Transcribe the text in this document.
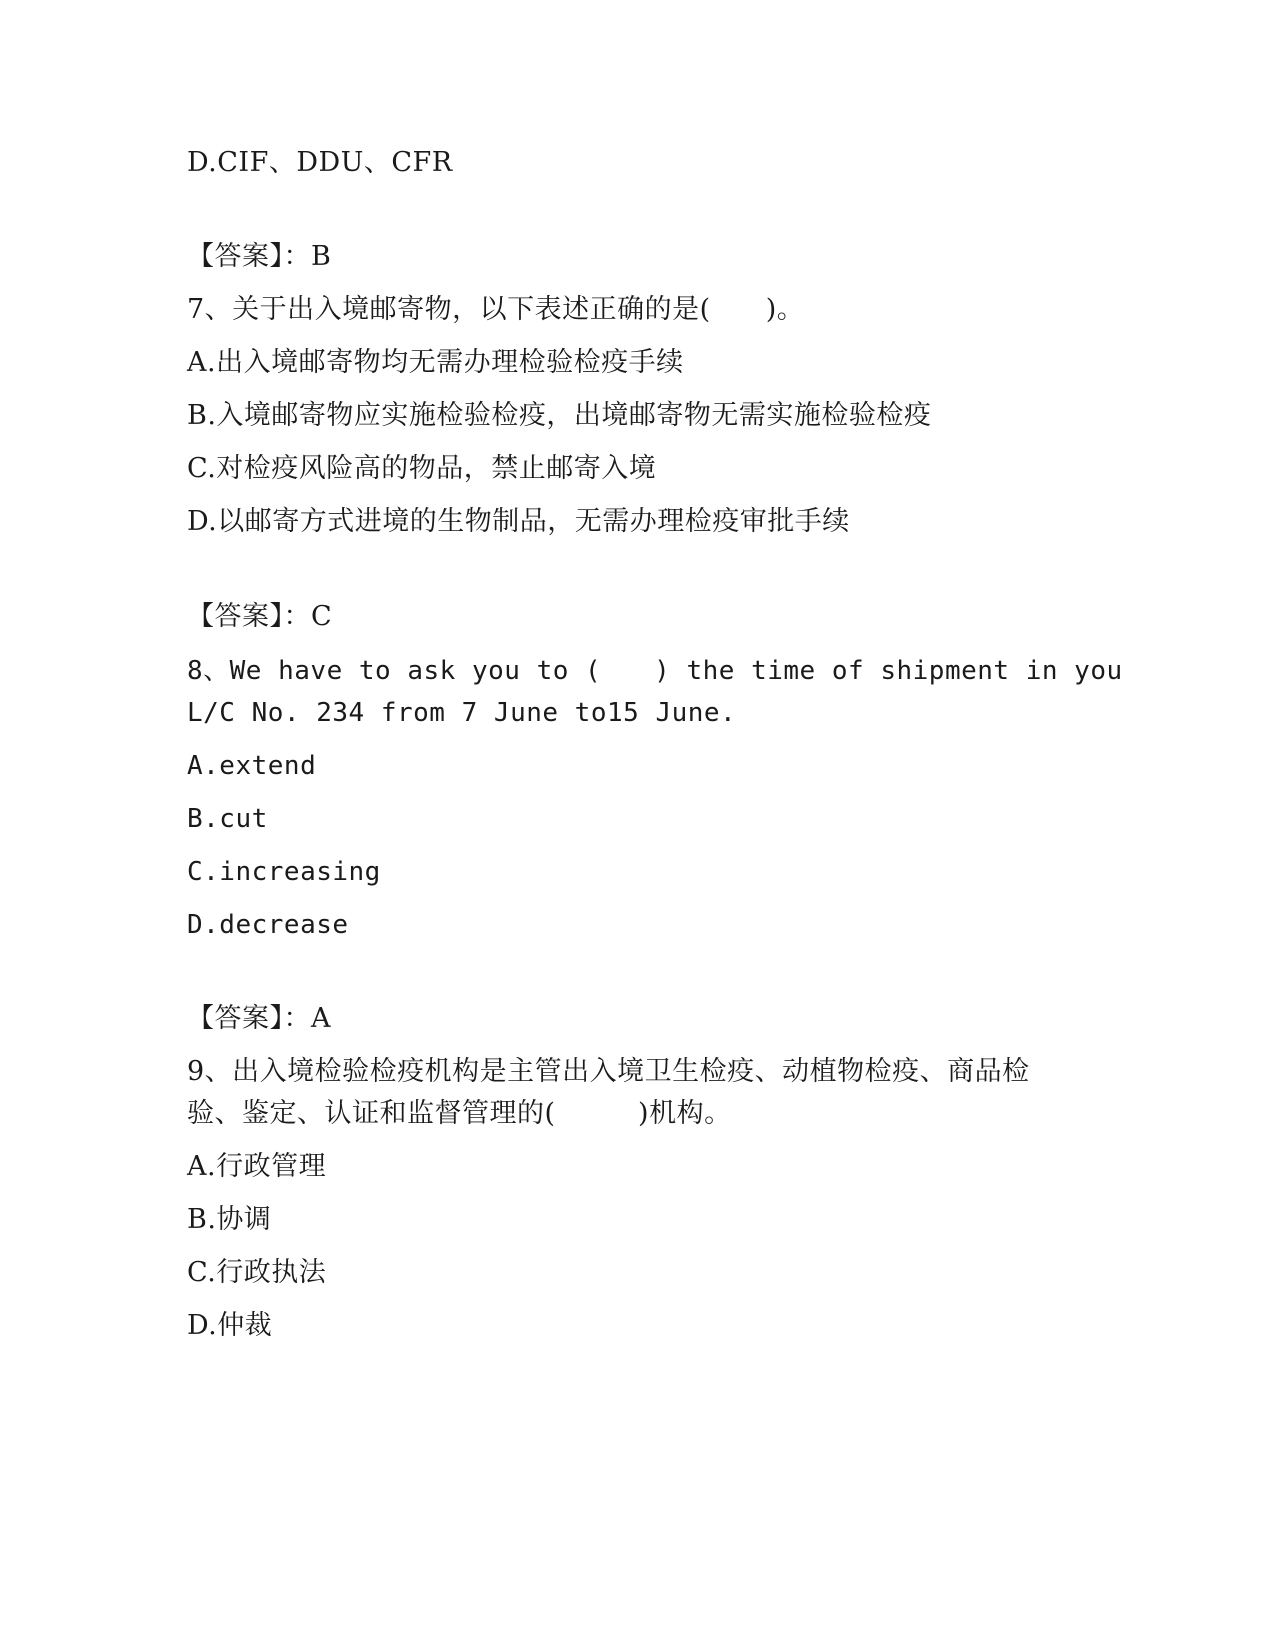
D.CIF、DDU、CFR
【答案】：B
7、关于出入境邮寄物，以下表述正确的是(　　)。
A.出入境邮寄物均无需办理检验检疫手续
B.入境邮寄物应实施检验检疫，出境邮寄物无需实施检验检疫
C.对检疫风险高的物品，禁止邮寄入境
D.以邮寄方式进境的生物制品，无需办理检疫审批手续
【答案】：C
8、We have to ask you to (　　) the time of shipment in you
L/C No. 234 from 7 June to15 June.
A.extend
B.cut
C.increasing
D.decrease
【答案】：A
9、出入境检验检疫机构是主管出入境卫生检疫、动植物检疫、商品检
验、鉴定、认证和监督管理的(　　　)机构。
A.行政管理
B.协调
C.行政执法
D.仲裁
